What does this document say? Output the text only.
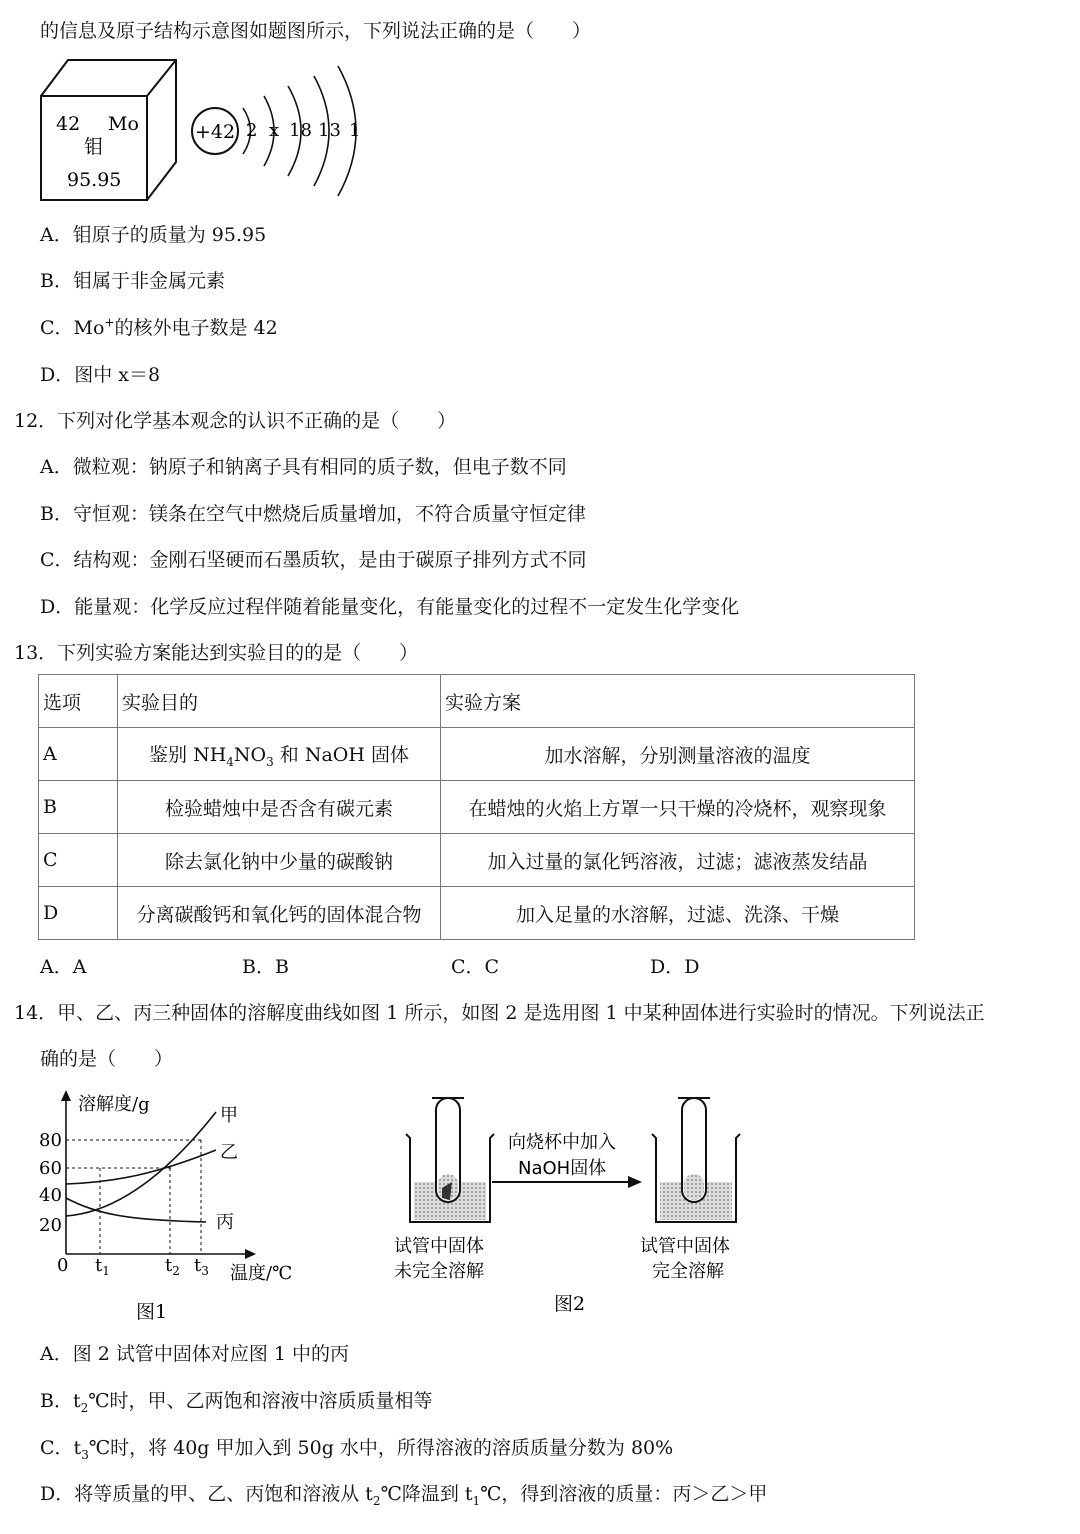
的信息及原子结构示意图如题图所示，下列说法正确的是（　　）
42 Mo
钼
95.95
+42 2 x 18 13 1
A．钼原子的质量为 95.95
B．钼属于非金属元素
C．Mo+的核外电子数是 42
D．图中 x＝8
12．下列对化学基本观念的认识不正确的是（　　）
A．微粒观：钠原子和钠离子具有相同的质子数，但电子数不同
B．守恒观：镁条在空气中燃烧后质量增加，不符合质量守恒定律
C．结构观：金刚石坚硬而石墨质软，是由于碳原子排列方式不同
D．能量观：化学反应过程伴随着能量变化，有能量变化的过程不一定发生化学变化
13．下列实验方案能达到实验目的的是（　　）
选项	实验目的	实验方案
A	鉴别 $NH_4NO_3$ 和 NaOH 固体	加水溶解，分别测量溶液的温度
B	检验蜡烛中是否含有碳元素	在蜡烛的火焰上方罩一只干燥的冷烧杯，观察现象
C	除去氯化钠中少量的碳酸钠	加入过量的氯化钙溶液，过滤；滤液蒸发结晶
D	分离碳酸钙和氧化钙的固体混合物	加入足量的水溶解，过滤、洗涤、干燥
A．A	B．B	C．C	D．D
14．甲、乙、丙三种固体的溶解度曲线如图 1 所示，如图 2 是选用图 1 中某种固体进行实验时的情况。下列说法正
确的是（　　）
溶解度/g
温度/℃
80
60
40
20
0 $t_1$	$t_2$ $t_3$
甲
乙
丙
图1
向烧杯中加入
NaOH固体
试管中固体
未完全溶解
试管中固体
完全溶解
图2
A．图 2 试管中固体对应图 1 中的丙
B．$t_2℃$时，甲、乙两饱和溶液中溶质质量相等
C．$t_3℃$时，将 40g 甲加入到 50g 水中，所得溶液的溶质质量分数为 80%
D．将等质量的甲、乙、丙饱和溶液从 $t_2℃$降温到 $t_1℃$，得到溶液的质量：丙＞乙＞甲
